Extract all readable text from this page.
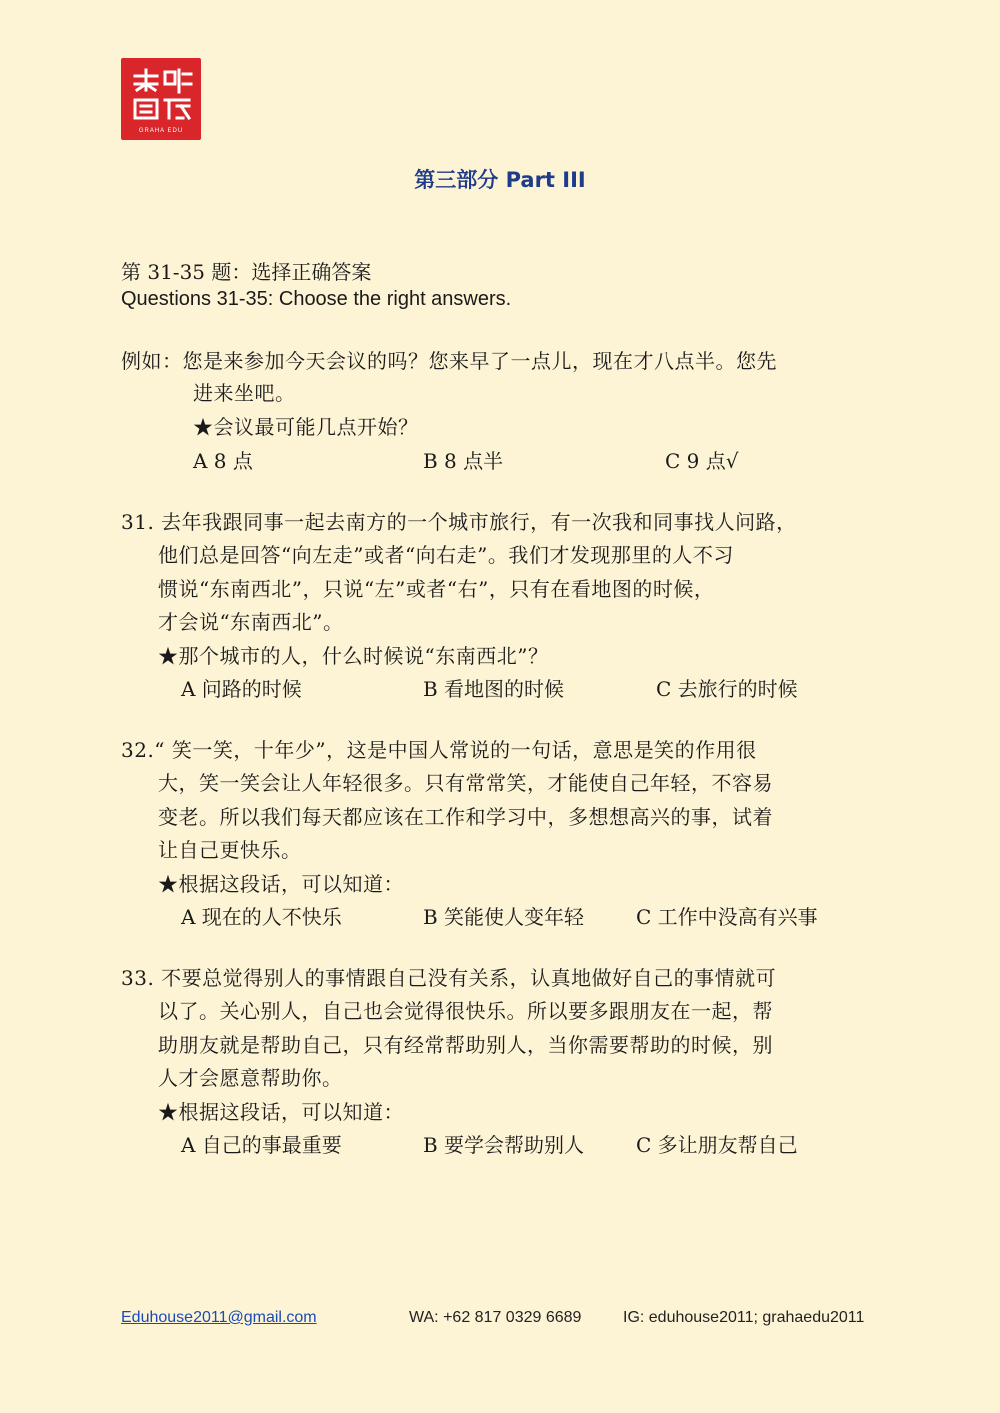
GRAHA EDU
第三部分 Part III
第 31-35 题：选择正确答案
Questions 31-35: Choose the right answers.
例如：您是来参加今天会议的吗？您来早了一点儿，现在才八点半。您先
进来坐吧。
★会议最可能几点开始？
A 8 点	B 8 点半	C 9 点√
31. 去年我跟同事一起去南方的一个城市旅行，有一次我和同事找人问路，
他们总是回答“向左走”或者“向右走”。我们才发现那里的人不习
惯说“东南西北”，只说“左”或者“右”，只有在看地图的时候，
才会说“东南西北”。
★那个城市的人，什么时候说“东南西北”？
A 问路的时候	B 看地图的时候	C 去旅行的时候
32.“ 笑一笑，十年少”，这是中国人常说的一句话，意思是笑的作用很
大，笑一笑会让人年轻很多。只有常常笑，才能使自己年轻，不容易
变老。所以我们每天都应该在工作和学习中，多想想高兴的事，试着
让自己更快乐。
★根据这段话，可以知道：
A 现在的人不快乐	B 笑能使人变年轻	C 工作中没高有兴事
33. 不要总觉得别人的事情跟自己没有关系，认真地做好自己的事情就可
以了。关心别人，自己也会觉得很快乐。所以要多跟朋友在一起，帮
助朋友就是帮助自己，只有经常帮助别人，当你需要帮助的时候，别
人才会愿意帮助你。
★根据这段话，可以知道：
A 自己的事最重要	B 要学会帮助别人	C 多让朋友帮自己
Eduhouse2011@gmail.com	WA: +62 817 0329 6689	IG: eduhouse2011; grahaedu2011
